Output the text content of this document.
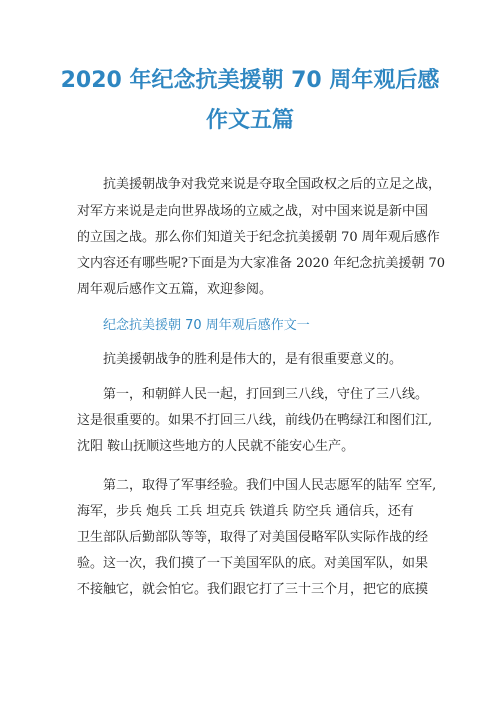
2020 年纪念抗美援朝 70 周年观后感
作文五篇
抗美援朝战争对我党来说是夺取全国政权之后的立足之战，
对军方来说是走向世界战场的立威之战，对中国来说是新中国
的立国之战。那么你们知道关于纪念抗美援朝 70 周年观后感作
文内容还有哪些呢?下面是为大家准备 2020 年纪念抗美援朝 70
周年观后感作文五篇，欢迎参阅。
纪念抗美援朝 70 周年观后感作文一
抗美援朝战争的胜利是伟大的，是有很重要意义的。
第一，和朝鲜人民一起，打回到三八线，守住了三八线。
这是很重要的。如果不打回三八线，前线仍在鸭绿江和图们江,
沈阳 鞍山抚顺这些地方的人民就不能安心生产。
第二，取得了军事经验。我们中国人民志愿军的陆军 空军,
海军，步兵 炮兵 工兵 坦克兵 铁道兵 防空兵 通信兵，还有
卫生部队后勤部队等等，取得了对美国侵略军队实际作战的经
验。这一次，我们摸了一下美国军队的底。对美国军队，如果
不接触它，就会怕它。我们跟它打了三十三个月，把它的底摸
